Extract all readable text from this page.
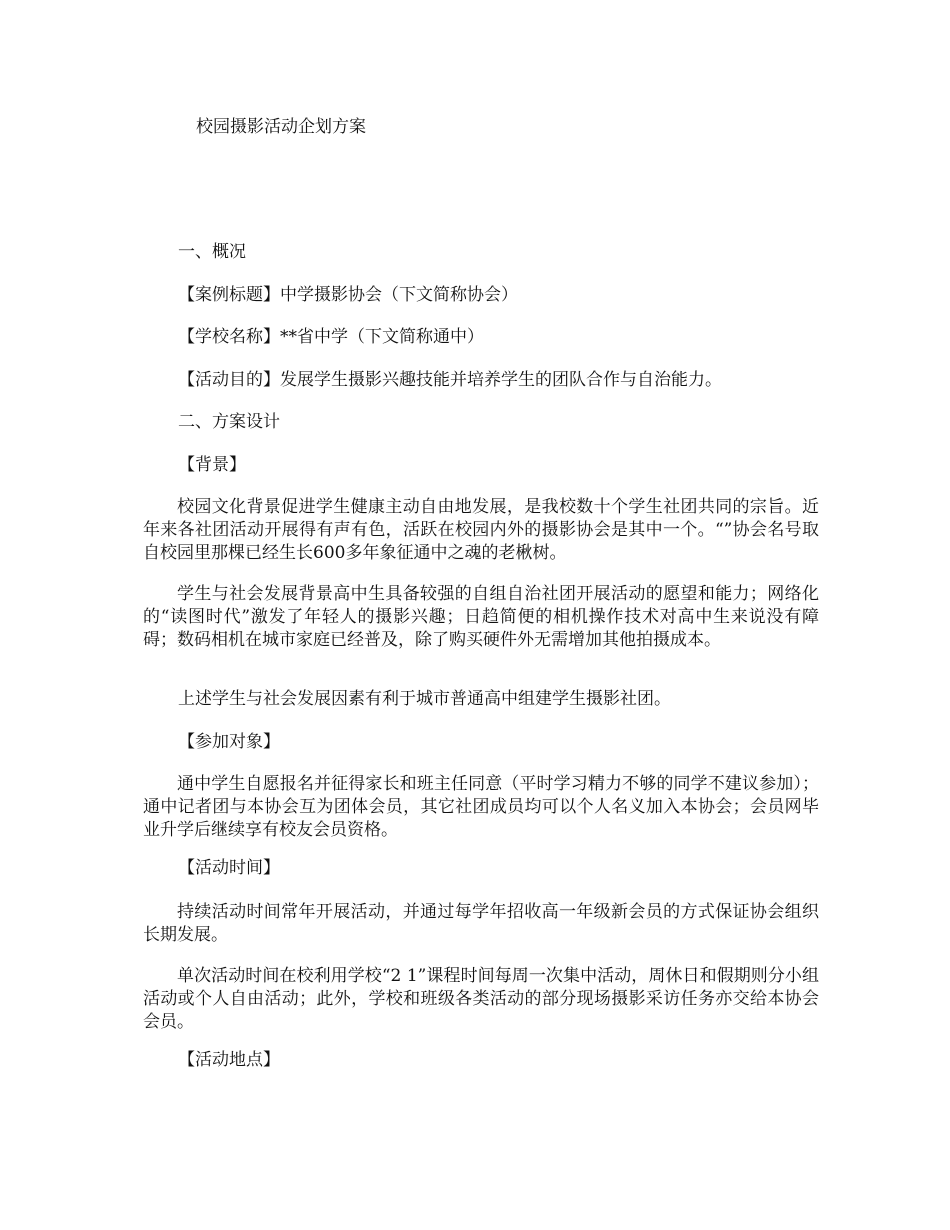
校园摄影活动企划方案
一、概况
【案例标题】中学摄影协会（下文简称协会）
【学校名称】**省中学（下文简称通中）
【活动目的】发展学生摄影兴趣技能并培养学生的团队合作与自治能力。
二、方案设计
【背景】
校园文化背景促进学生健康主动自由地发展，是我校数十个学生社团共同的宗旨。近年来各社团活动开展得有声有色，活跃在校园内外的摄影协会是其中一个。“”协会名号取自校园里那棵已经生长600多年象征通中之魂的老楸树。
学生与社会发展背景高中生具备较强的自组自治社团开展活动的愿望和能力；网络化的“读图时代”激发了年轻人的摄影兴趣；日趋简便的相机操作技术对高中生来说没有障碍；数码相机在城市家庭已经普及，除了购买硬件外无需增加其他拍摄成本。
上述学生与社会发展因素有利于城市普通高中组建学生摄影社团。
【参加对象】
通中学生自愿报名并征得家长和班主任同意（平时学习精力不够的同学不建议参加）；通中记者团与本协会互为团体会员，其它社团成员均可以个人名义加入本协会；会员网毕业升学后继续享有校友会员资格。
【活动时间】
持续活动时间常年开展活动，并通过每学年招收高一年级新会员的方式保证协会组织长期发展。
单次活动时间在校利用学校“2 1”课程时间每周一次集中活动，周休日和假期则分小组活动或个人自由活动；此外，学校和班级各类活动的部分现场摄影采访任务亦交给本协会会员。
【活动地点】
